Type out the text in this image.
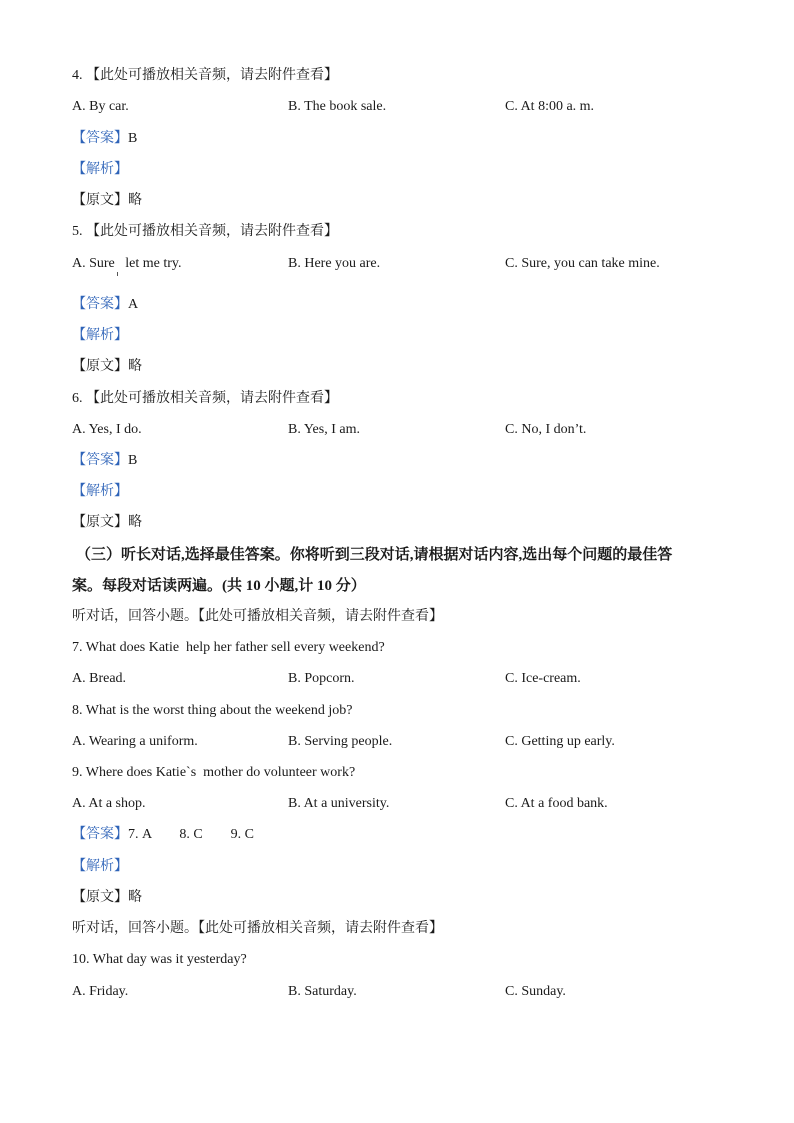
4. 【此处可播放相关音频，请去附件查看】
A. By car.	B. The book sale.	C. At 8:00 a. m.
【答案】B
【解析】
【原文】略
5. 【此处可播放相关音频，请去附件查看】
A. Sure   let me try.	B. Here you are.	C. Sure, you can take mine.
【答案】A
【解析】
【原文】略
6. 【此处可播放相关音频，请去附件查看】
A. Yes, I do.	B. Yes, I am.	C. No, I don’t.
【答案】B
【解析】
【原文】略
（三）听长对话,选择最佳答案。你将听到三段对话,请根据对话内容,选出每个问题的最佳答
案。每段对话读两遍。(共 10 小题,计 10 分）
听对话，回答小题。【此处可播放相关音频，请去附件查看】
7. What does Katie  help her father sell every weekend?
A. Bread.	B. Popcorn.	C. Ice-cream.
8. What is the worst thing about the weekend job?
A. Wearing a uniform.	B. Serving people.	C. Getting up early.
9. Where does Katie`s  mother do volunteer work?
A. At a shop.	B. At a university.	C. At a food bank.
【答案】7. A        8. C        9. C
【解析】
【原文】略
听对话，回答小题。【此处可播放相关音频，请去附件查看】
10. What day was it yesterday?
A. Friday.	B. Saturday.	C. Sunday.
